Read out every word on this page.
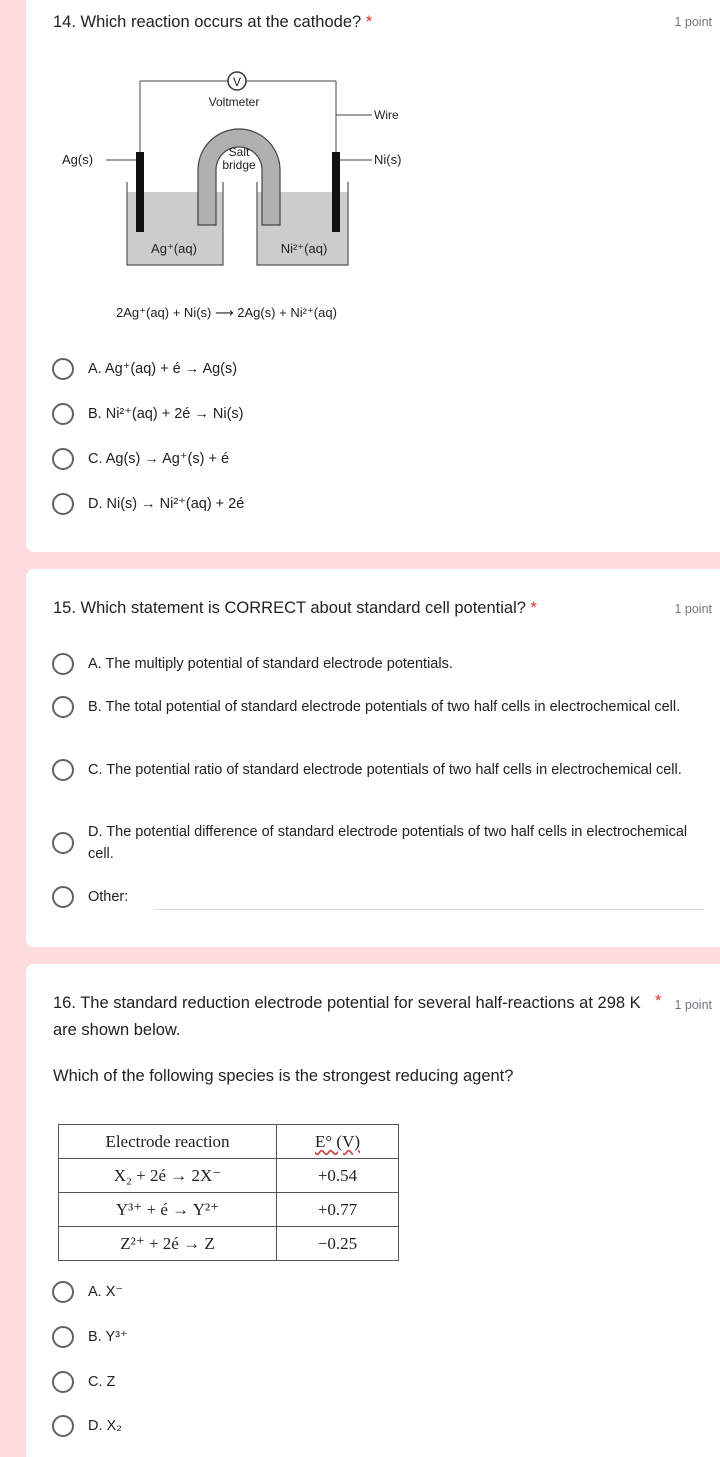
14. Which reaction occurs at the cathode? *	1 point
V
Voltmeter
Wire
Salt
bridge
Ag(s)	Ni(s)
Ag⁺(aq)	Ni²⁺(aq)
2Ag⁺(aq) + Ni(s) ⟶ 2Ag(s) + Ni²⁺(aq)
A. Ag⁺(aq) + é → Ag(s)
B. Ni²⁺(aq) + 2é → Ni(s)
C. Ag(s) → Ag⁺(s) + é
D. Ni(s) → Ni²⁺(aq) + 2é
15. Which statement is CORRECT about standard cell potential? *	1 point
A. The multiply potential of standard electrode potentials.
B. The total potential of standard electrode potentials of two half cells in electrochemical cell.
C. The potential ratio of standard electrode potentials of two half cells in electrochemical cell.
D. The potential difference of standard electrode potentials of two half cells in electrochemical cell.
Other:
16. The standard reduction electrode potential for several half-reactions at 298 K are shown below.
* 1 point
Which of the following species is the strongest reducing agent?
Electrode reaction	E° (V)
X₂ + 2é → 2X⁻	+0.54
Y³⁺ + é → Y²⁺	+0.77
Z²⁺ + 2é → Z	−0.25
A. X⁻
B. Y³⁺
C. Z
D. X₂
